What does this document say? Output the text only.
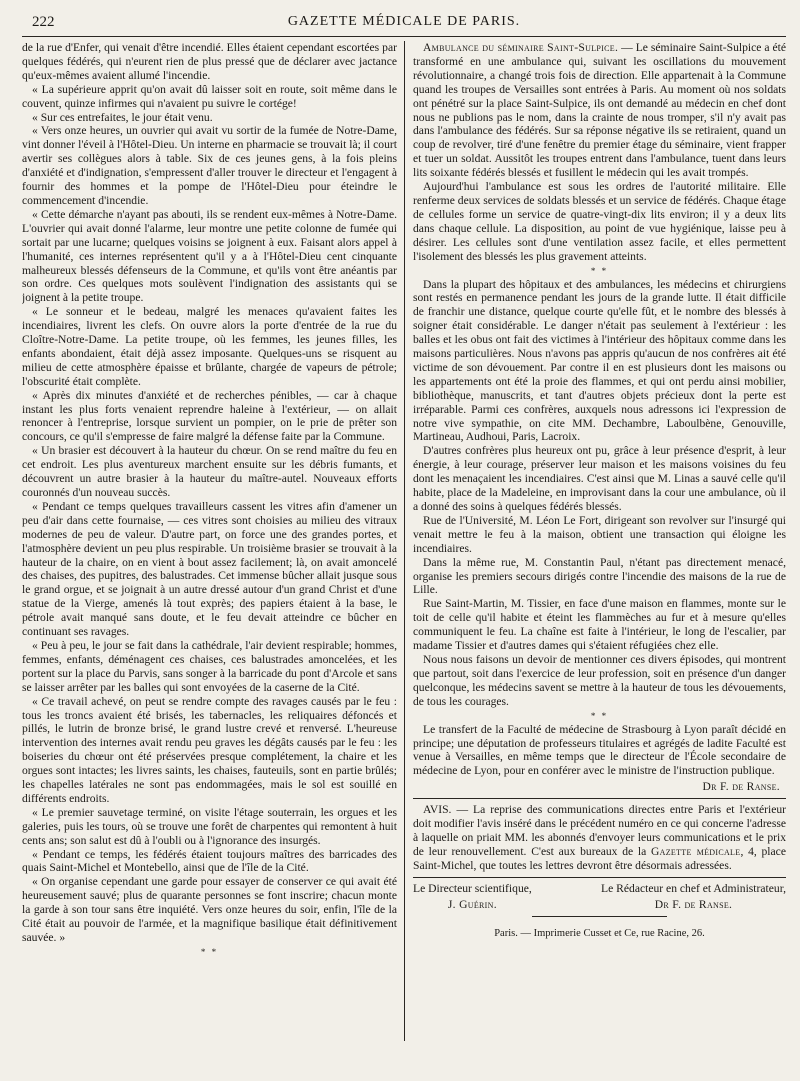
222	GAZETTE MÉDICALE DE PARIS.

de la rue d'Enfer, qui venait d'être incendié. Elles étaient cependant escortées par quelques fédérés, qui n'eurent rien de plus pressé que de déclarer avec jactance qu'eux-mêmes avaient allumé l'incendie.

« La supérieure apprit qu'on avait dû laisser soit en route, soit même dans le couvent, quinze infirmes qui n'avaient pu suivre le cortége!

« Sur ces entrefaites, le jour était venu.

« Vers onze heures, un ouvrier qui avait vu sortir de la fumée de Notre-Dame, vint donner l'éveil à l'Hôtel-Dieu. Un interne en pharmacie se trouvait là; il court avertir ses collègues alors à table. Six de ces jeunes gens, à la fois pleins d'anxiété et d'indignation, s'empressent d'aller trouver le directeur et l'engagent à fournir des hommes et la pompe de l'Hôtel-Dieu pour éteindre le commencement d'incendie.

« Cette démarche n'ayant pas abouti, ils se rendent eux-mêmes à Notre-Dame. L'ouvrier qui avait donné l'alarme, leur montre une petite colonne de fumée qui sortait par une lucarne; quelques voisins se joignent à eux. Faisant alors appel à l'humanité, ces internes représentent qu'il y a à l'Hôtel-Dieu cent cinquante malheureux blessés défenseurs de la Commune, et qu'ils vont être anéantis par son ordre. Ces quelques mots soulèvent l'indignation des assistants qui se joignent à la petite troupe.

« Le sonneur et le bedeau, malgré les menaces qu'avaient faites les incendiaires, livrent les clefs. On ouvre alors la porte d'entrée de la rue du Cloître-Notre-Dame. La petite troupe, où les femmes, les jeunes filles, les enfants abondaient, était déjà assez imposante. Quelques-uns se risquent au milieu de cette atmosphère épaisse et brûlante, chargée de vapeurs de pétrole; l'obscurité était complète.

« Après dix minutes d'anxiété et de recherches pénibles, — car à chaque instant les plus forts venaient reprendre haleine à l'extérieur, — on allait renoncer à l'entreprise, lorsque survient un pompier, on le prie de prêter son concours, ce qu'il s'empresse de faire malgré la défense faite par la Commune.

« Un brasier est découvert à la hauteur du chœur. On se rend maître du feu en cet endroit. Les plus aventureux marchent ensuite sur les débris fumants, et découvrent un autre brasier à la hauteur du maître-autel. Nouveaux efforts couronnés d'un nouveau succès.

« Pendant ce temps quelques travailleurs cassent les vitres afin d'amener un peu d'air dans cette fournaise, — ces vitres sont choisies au milieu des vitraux modernes de peu de valeur. D'autre part, on force une des grandes portes, et l'atmosphère devient un peu plus respirable. Un troisième brasier se trouvait à la hauteur de la chaire, on en vient à bout assez facilement; là, on avait amoncelé des chaises, des pupitres, des balustrades. Cet immense bûcher allait jusque sous le grand orgue, et se joignait à un autre dressé autour d'un grand Christ et d'une statue de la Vierge, amenés là tout exprès; des papiers étaient à la base, le pétrole avait manqué sans doute, et le feu devait atteindre ce bûcher en continuant ses ravages.

« Peu à peu, le jour se fait dans la cathédrale, l'air devient respirable; hommes, femmes, enfants, déménagent ces chaises, ces balustrades amoncelées, et les portent sur la place du Parvis, sans songer à la barricade du pont d'Arcole et sans se laisser arrêter par les balles qui sont envoyées de la caserne de la Cité.

« Ce travail achevé, on peut se rendre compte des ravages causés par le feu : tous les troncs avaient été brisés, les tabernacles, les reliquaires défoncés et pillés, le lutrin de bronze brisé, le grand lustre crevé et renversé. L'heureuse intervention des internes avait rendu peu graves les dégâts causés par le feu : les boiseries du chœur ont été préservées presque complétement, la chaire et les orgues sont intactes; les livres saints, les chaises, fauteuils, sont en partie brûlés; les chapelles latérales ne sont pas endommagées, mais le sol est souillé en différents endroits.

« Le premier sauvetage terminé, on visite l'étage souterrain, les orgues et les galeries, puis les tours, où se trouve une forêt de charpentes qui remontent à huit cents ans; son salut est dû à l'oubli ou à l'ignorance des insurgés.

« Pendant ce temps, les fédérés étaient toujours maîtres des barricades des quais Saint-Michel et Montebello, ainsi que de l'île de la Cité.

« On organise cependant une garde pour essayer de conserver ce qui avait été heureusement sauvé; plus de quarante personnes se font inscrire; chacun monte la garde à son tour sans être inquiété. Vers onze heures du soir, enfin, l'île de la Cité était au pouvoir de l'armée, et la magnifique basilique était définitivement sauvée. »

* *

Ambulance du séminaire Saint-Sulpice. — Le séminaire Saint-Sulpice a été transformé en une ambulance qui, suivant les oscillations du mouvement révolutionnaire, a changé trois fois de direction. Elle appartenait à la Commune quand les troupes de Versailles sont entrées à Paris. Au moment où nos soldats ont pénétré sur la place Saint-Sulpice, ils ont demandé au médecin en chef dont nous ne publions pas le nom, dans la crainte de nous tromper, s'il n'y avait pas dans l'ambulance des fédérés. Sur sa réponse négative ils se retiraient, quand un coup de revolver, tiré d'une fenêtre du premier étage du séminaire, vient frapper et tuer un soldat. Aussitôt les troupes entrent dans l'ambulance, tuent dans leurs lits soixante fédérés blessés et fusillent le médecin qui les avait trompés.

Aujourd'hui l'ambulance est sous les ordres de l'autorité militaire. Elle renferme deux services de soldats blessés et un service de fédérés. Chaque étage de cellules forme un service de quatre-vingt-dix lits environ; il y a deux lits dans chaque cellule. La disposition, au point de vue hygiénique, laisse peu à désirer. Les cellules sont d'une ventilation assez facile, et elles permettent l'isolement des blessés les plus gravement atteints.

* *

Dans la plupart des hôpitaux et des ambulances, les médecins et chirurgiens sont restés en permanence pendant les jours de la grande lutte. Il était difficile de franchir une distance, quelque courte qu'elle fût, et le nombre des blessés à soigner était considérable. Le danger n'était pas seulement à l'extérieur : les balles et les obus ont fait des victimes à l'intérieur des hôpitaux comme dans les maisons particulières. Nous n'avons pas appris qu'aucun de nos confrères ait été victime de son dévouement. Par contre il en est plusieurs dont les maisons ou les appartements ont été la proie des flammes, et qui ont perdu ainsi mobilier, bibliothèque, manuscrits, et tant d'autres objets précieux dont la perte est irréparable. Parmi ces confrères, auxquels nous adressons ici l'expression de notre vive sympathie, on cite MM. Dechambre, Laboulbène, Genouville, Martineau, Audhoui, Paris, Lacroix.

D'autres confrères plus heureux ont pu, grâce à leur présence d'esprit, à leur énergie, à leur courage, préserver leur maison et les maisons voisines du feu dont les menaçaient les incendiaires. C'est ainsi que M. Linas a sauvé celle qu'il habite, place de la Madeleine, en improvisant dans la cour une ambulance, où il a donné des soins à quelques fédérés blessés.

Rue de l'Université, M. Léon Le Fort, dirigeant son revolver sur l'insurgé qui venait mettre le feu à la maison, obtient une transaction qui éloigne les incendiaires.

Dans la même rue, M. Constantin Paul, n'étant pas directement menacé, organise les premiers secours dirigés contre l'incendie des maisons de la rue de Lille.

Rue Saint-Martin, M. Tissier, en face d'une maison en flammes, monte sur le toit de celle qu'il habite et éteint les flammèches au fur et à mesure qu'elles communiquent le feu. La chaîne est faite à l'intérieur, le long de l'escalier, par madame Tissier et d'autres dames qui s'étaient réfugiées chez elle.

Nous nous faisons un devoir de mentionner ces divers épisodes, qui montrent que partout, soit dans l'exercice de leur profession, soit en présence d'un danger quelconque, les médecins savent se mettre à la hauteur de tous les dévouements, de tous les courages.

* *

Le transfert de la Faculté de médecine de Strasbourg à Lyon paraît décidé en principe; une députation de professeurs titulaires et agrégés de ladite Faculté est venue à Versailles, en même temps que le directeur de l'École secondaire de médecine de Lyon, pour en conférer avec le ministre de l'instruction publique.

Dr F. de Ranse.

AVIS. — La reprise des communications directes entre Paris et l'extérieur doit modifier l'avis inséré dans le précédent numéro en ce qui concerne l'adresse à laquelle on priait MM. les abonnés d'envoyer leurs communications et le prix de leur renouvellement. C'est aux bureaux de la Gazette médicale, 4, place Saint-Michel, que toutes les lettres devront être désormais adressées.

Le Directeur scientifique,
J. Guérin.
Le Rédacteur en chef et Administrateur,
Dr F. de Ranse.
Paris. — Imprimerie Cusset et Ce, rue Racine, 26.
